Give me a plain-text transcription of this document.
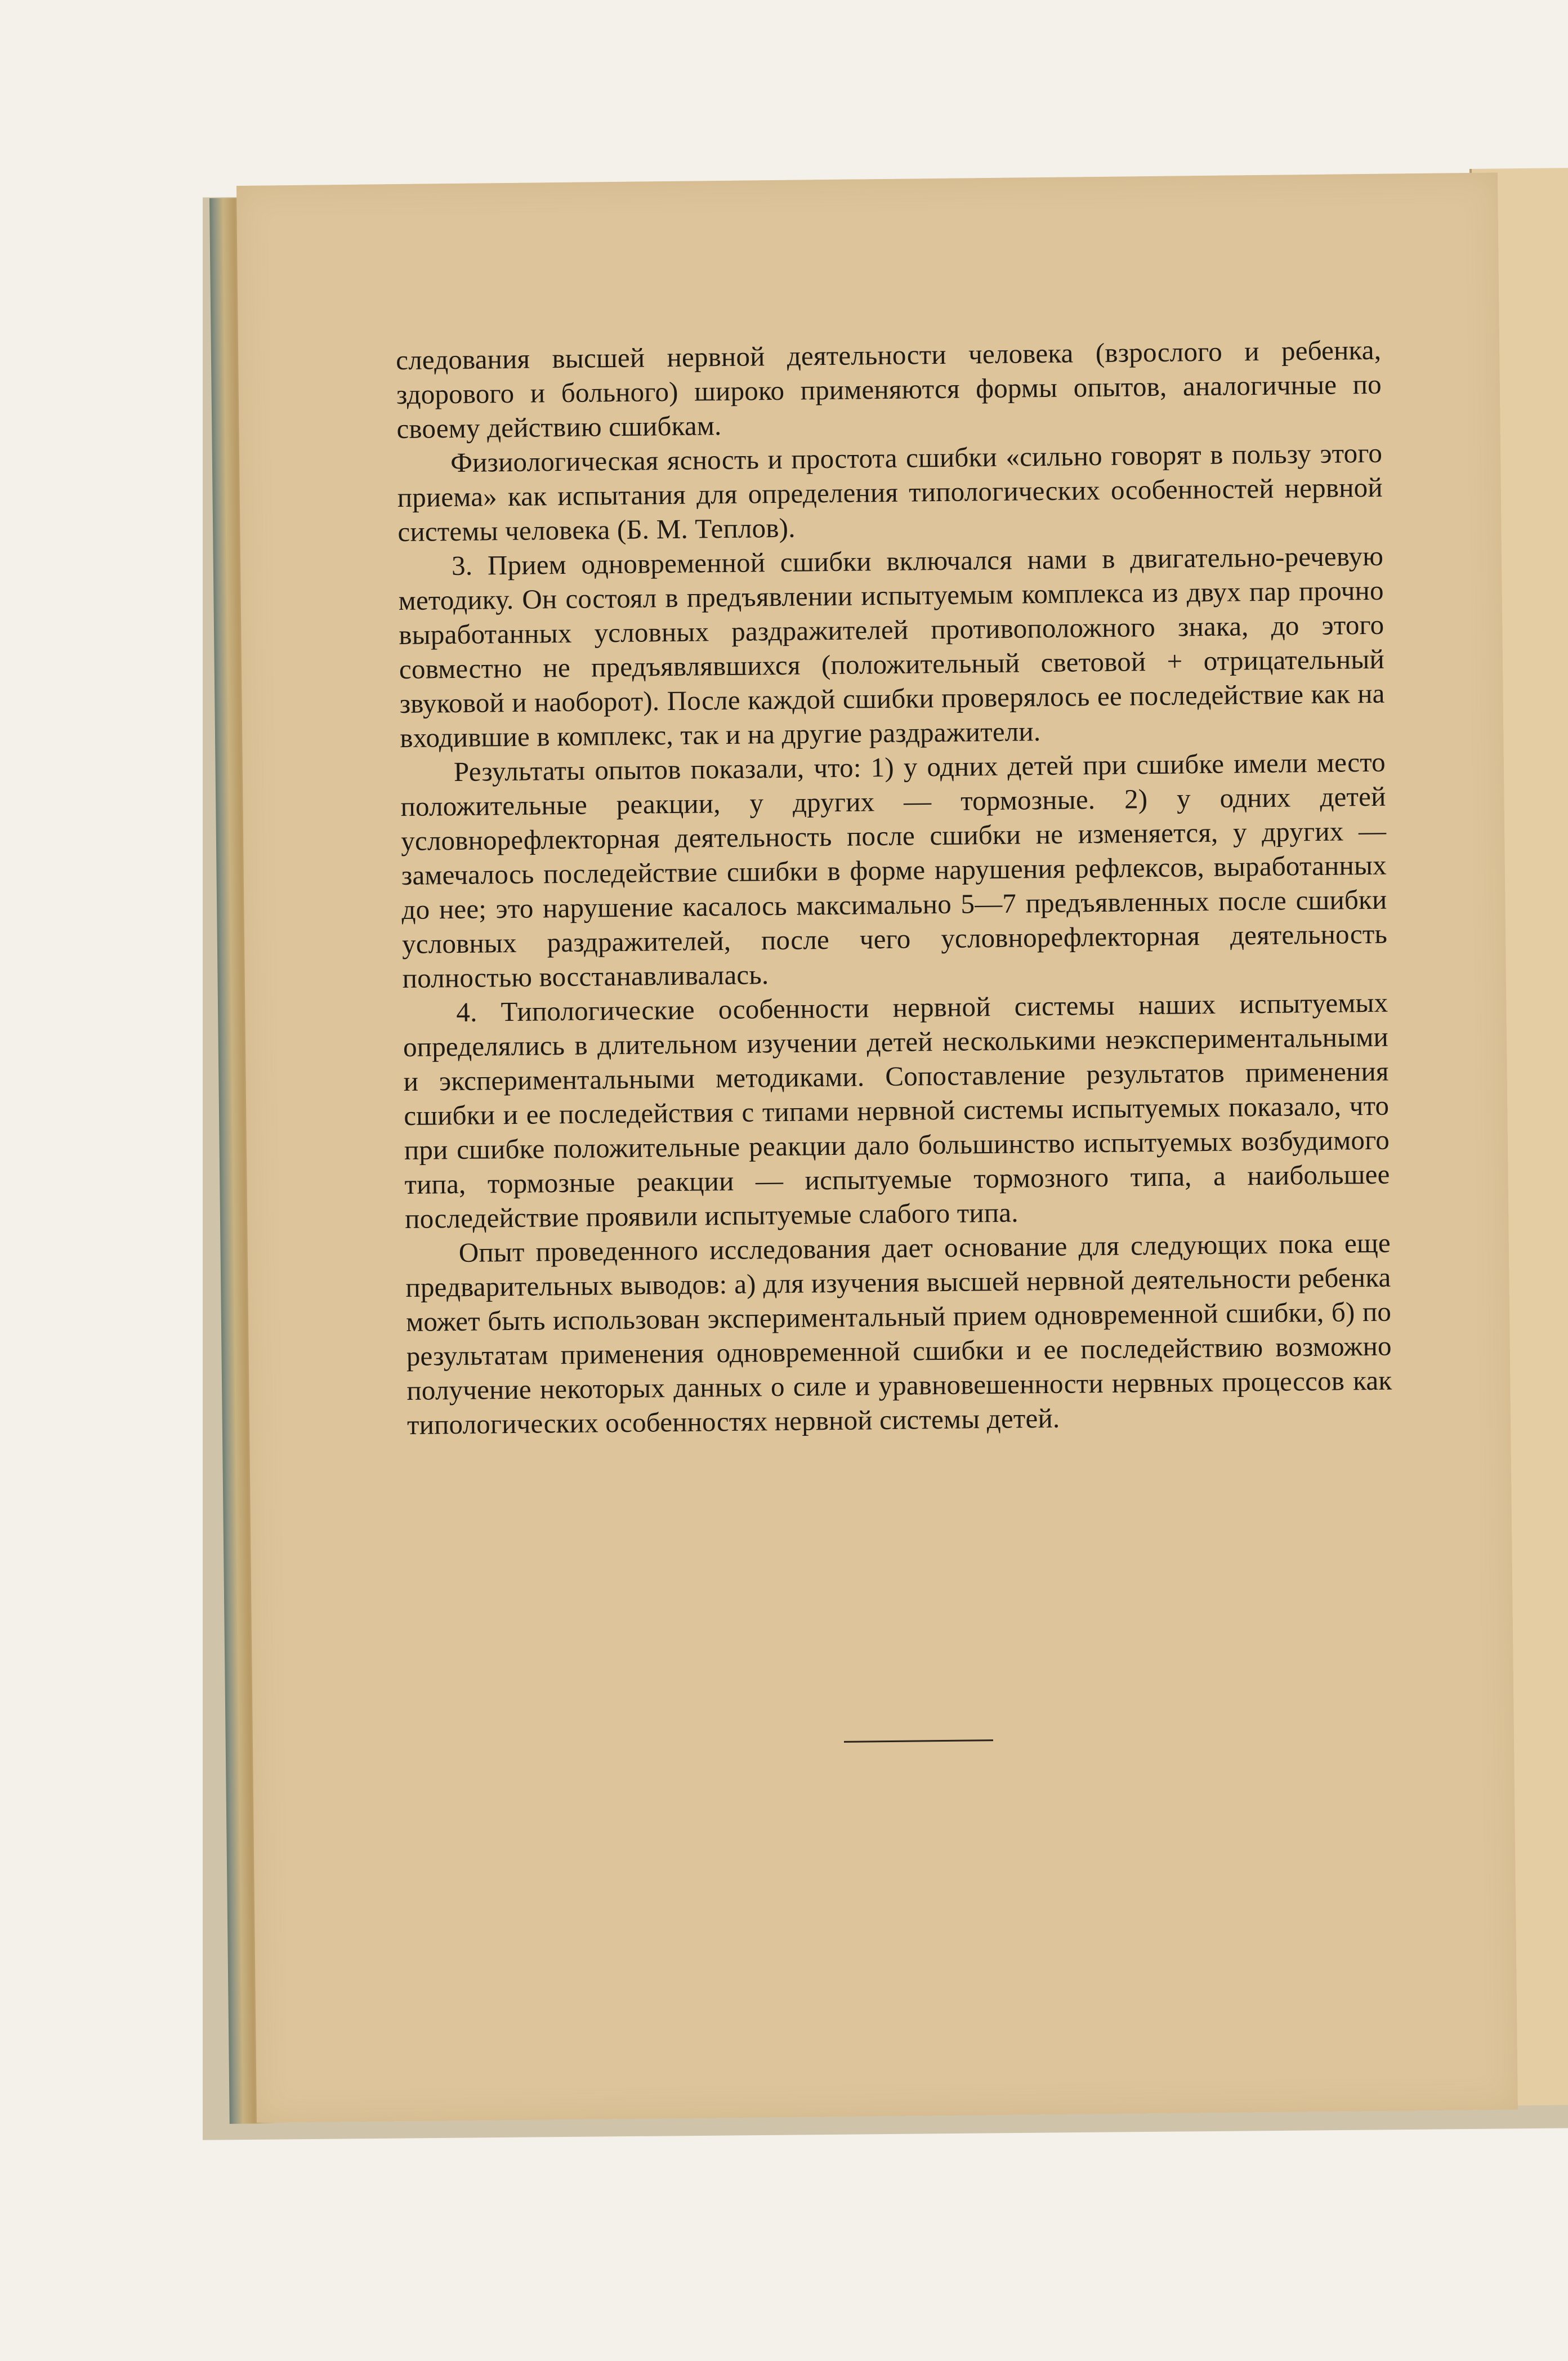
следования высшей нервной деятельности человека (взрослого и ребенка, здорового и больного) широко применяются формы опытов, аналогичные по своему действию сшибкам.

Физиологическая ясность и простота сшибки «сильно говорят в пользу этого приема» как испытания для определения типологических особенностей нервной системы человека (Б. М. Теплов).

3. Прием одновременной сшибки включался нами в двигательно-речевую методику. Он состоял в предъявлении испытуемым комплекса из двух пар прочно выработанных условных раздражителей противоположного знака, до этого совместно не предъявлявшихся (положительный световой + отрицательный звуковой и наоборот). После каждой сшибки проверялось ее последействие как на входившие в комплекс, так и на другие раздражители.

Результаты опытов показали, что: 1) у одних детей при сшибке имели место положительные реакции, у других — тормозные. 2) у одних детей условнорефлекторная деятельность после сшибки не изменяется, у других — замечалось последействие сшибки в форме нарушения рефлексов, выработанных до нее; это нарушение касалось максимально 5—7 предъявленных после сшибки условных раздражителей, после чего условнорефлекторная деятельность полностью восстанавливалась.

4. Типологические особенности нервной системы наших испытуемых определялись в длительном изучении детей несколькими неэкспериментальными и экспериментальными методиками. Сопоставление результатов применения сшибки и ее последействия с типами нервной системы испытуемых показало, что при сшибке положительные реакции дало большинство испытуемых возбудимого типа, тормозные реакции — испытуемые тормозного типа, а наибольшее последействие проявили испытуемые слабого типа.

Опыт проведенного исследования дает основание для следующих пока еще предварительных выводов: а) для изучения высшей нервной деятельности ребенка может быть использован экспериментальный прием одновременной сшибки, б) по результатам применения одновременной сшибки и ее последействию возможно получение некоторых данных о силе и уравновешенности нервных процессов как типологических особенностях нервной системы детей.
